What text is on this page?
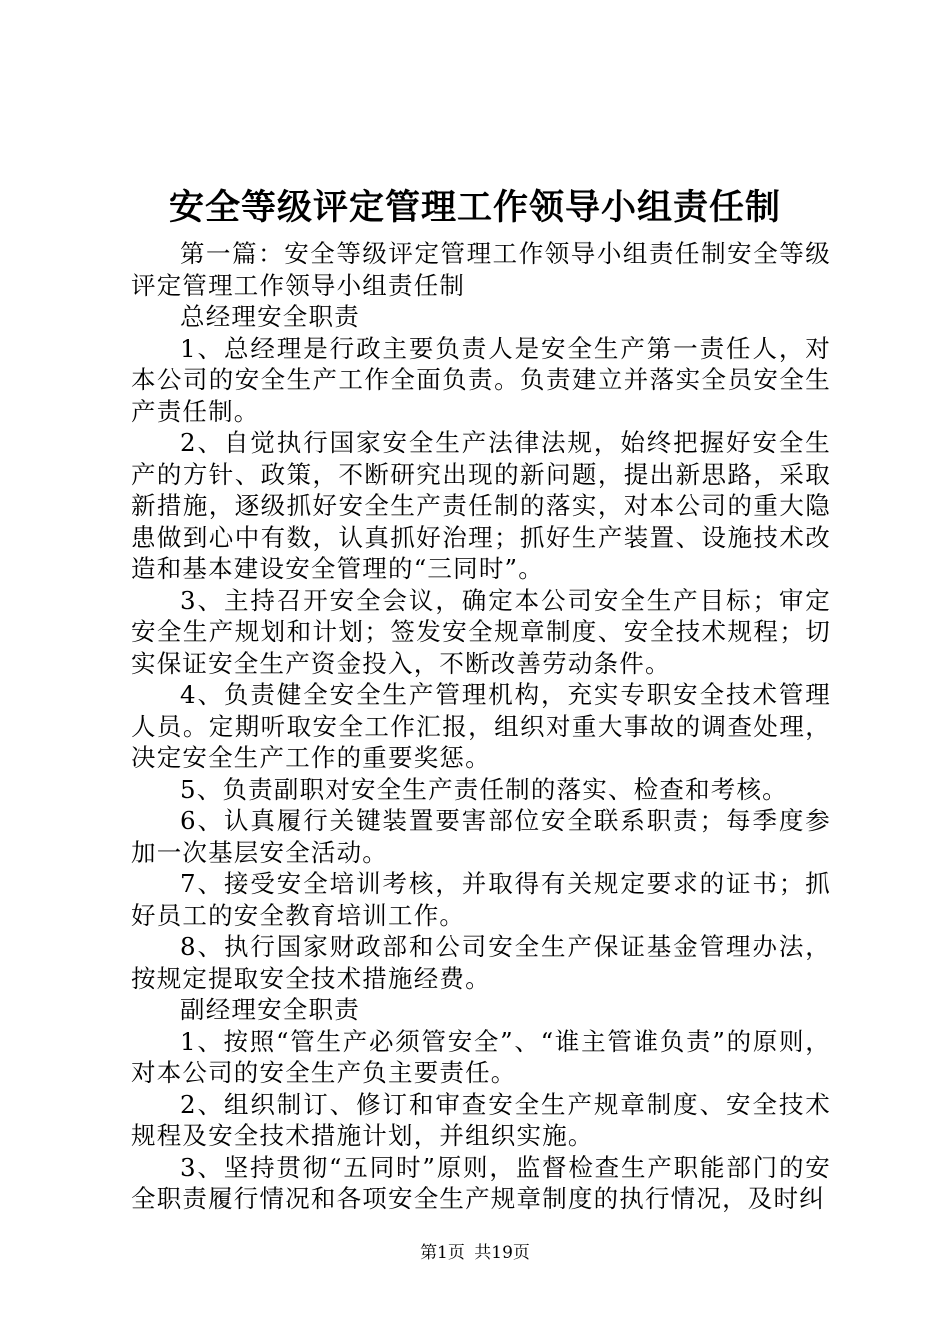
安全等级评定管理工作领导小组责任制

第一篇：安全等级评定管理工作领导小组责任制安全等级评定管理工作领导小组责任制

总经理安全职责

1、总经理是行政主要负责人是安全生产第一责任人，对本公司的安全生产工作全面负责。负责建立并落实全员安全生产责任制。

2、自觉执行国家安全生产法律法规，始终把握好安全生产的方针、政策，不断研究出现的新问题，提出新思路，采取新措施，逐级抓好安全生产责任制的落实，对本公司的重大隐患做到心中有数，认真抓好治理；抓好生产装置、设施技术改造和基本建设安全管理的“三同时”。

3、主持召开安全会议，确定本公司安全生产目标；审定安全生产规划和计划；签发安全规章制度、安全技术规程；切实保证安全生产资金投入，不断改善劳动条件。

4、负责健全安全生产管理机构，充实专职安全技术管理人员。定期听取安全工作汇报，组织对重大事故的调查处理，决定安全生产工作的重要奖惩。

5、负责副职对安全生产责任制的落实、检查和考核。

6、认真履行关键装置要害部位安全联系职责；每季度参加一次基层安全活动。

7、接受安全培训考核，并取得有关规定要求的证书；抓好员工的安全教育培训工作。

8、执行国家财政部和公司安全生产保证基金管理办法，按规定提取安全技术措施经费。

副经理安全职责

1、按照“管生产必须管安全”、“谁主管谁负责”的原则，对本公司的安全生产负主要责任。

2、组织制订、修订和审查安全生产规章制度、安全技术规程及安全技术措施计划，并组织实施。

3、坚持贯彻“五同时”原则，监督检查生产职能部门的安全职责履行情况和各项安全生产规章制度的执行情况，及时纠

第1页 共19页
